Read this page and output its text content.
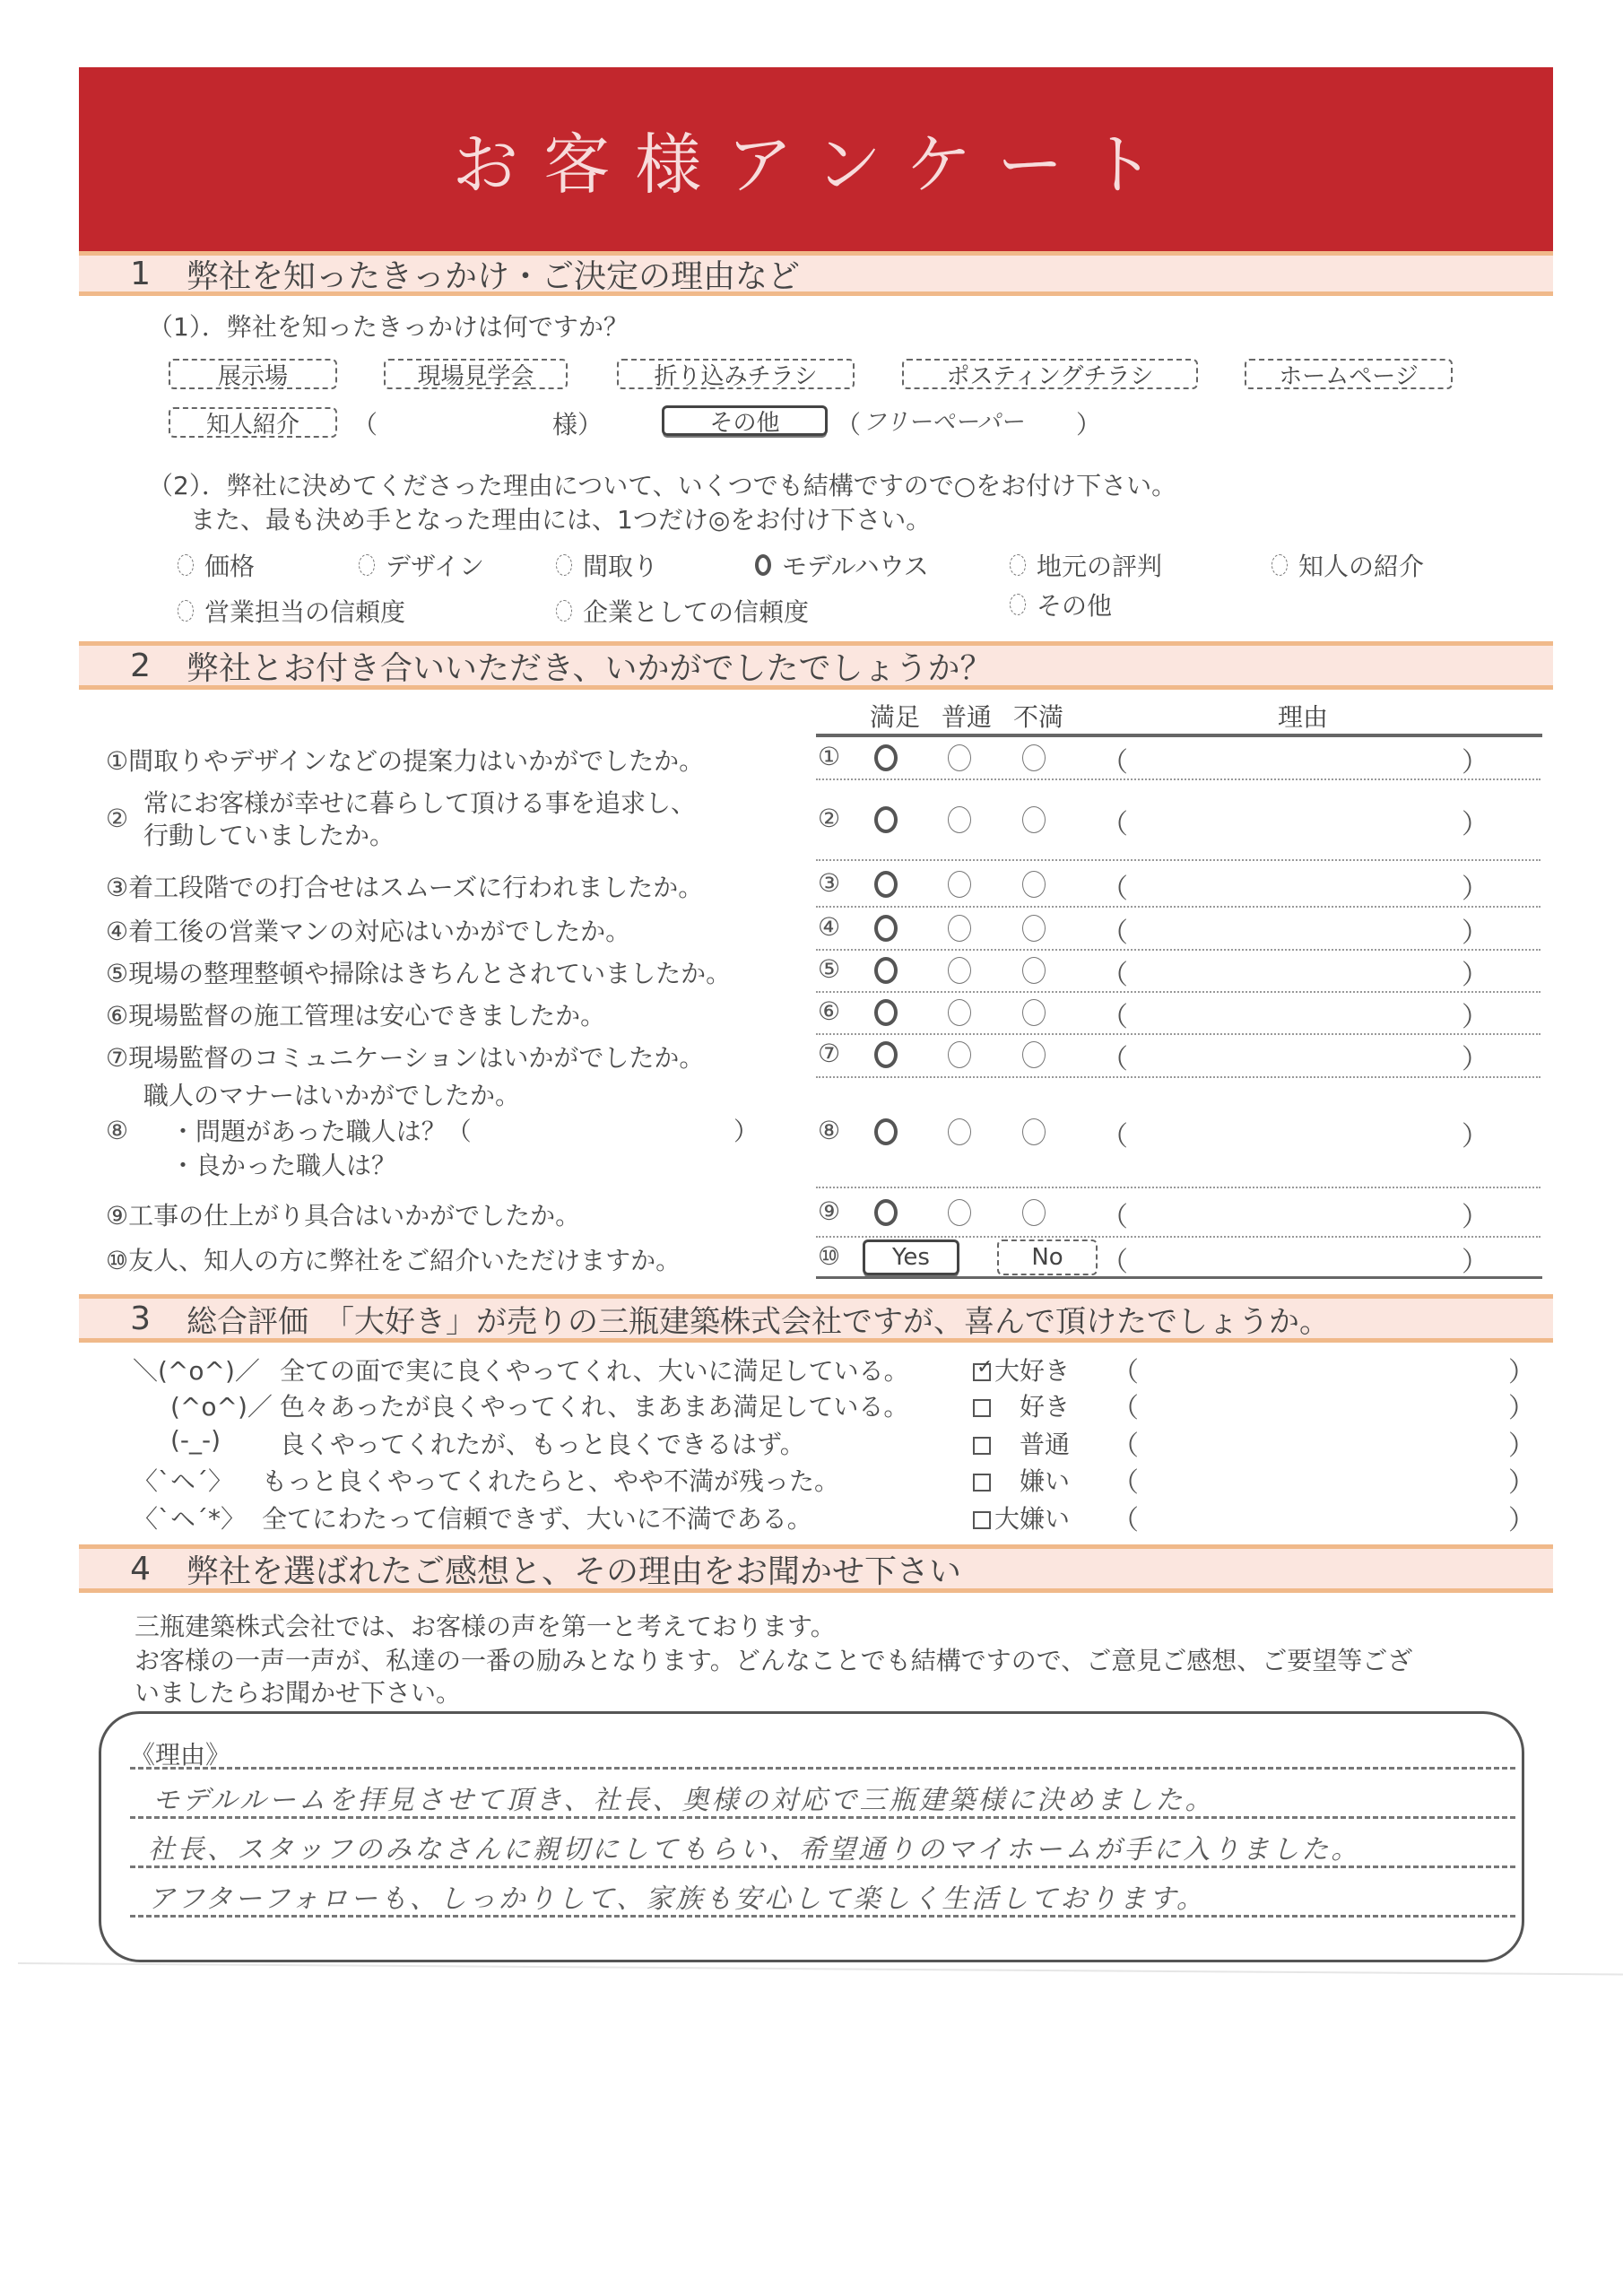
お客様アンケート
1 弊社を知ったきっかけ・ご決定の理由など
（1）．弊社を知ったきっかけは何ですか？
展示場	現場見学会	折り込みチラシ	ポスティングチラシ	ホームページ
知人紹介 （	様）	その他 （ フリーペーパー ）
（2）．弊社に決めてくださった理由について、いくつでも結構ですので○をお付け下さい。
また、最も決め手となった理由には、1つだけ◎をお付け下さい。
価格	デザイン	間取り	モデルハウス	地元の評判	知人の紹介
営業担当の信頼度	企業としての信頼度	その他
2 弊社とお付き合いいただき、いかがでしたでしょうか？
満足 普通 不満	理由
①間取りやデザインなどの提案力はいかがでしたか。	①	（	）
②
常にお客様が幸せに暮らして頂ける事を追求し、
行動していましたか。
②	（	）
③着工段階での打合せはスムーズに行われましたか。	③	（	）
④着工後の営業マンの対応はいかがでしたか。	④	（	）
⑤現場の整理整頓や掃除はきちんとされていましたか。	⑤	（	）
⑥現場監督の施工管理は安心できましたか。	⑥	（	）
⑦現場監督のコミュニケーションはいかがでしたか。	⑦	（	）
⑧
職人のマナーはいかがでしたか。
・問題があった職人は？（	）
・良かった職人は？
⑧	（	）
⑨工事の仕上がり具合はいかがでしたか。	⑨	（	）
⑩友人、知人の方に弊社をご紹介いただけますか。	⑩ Yes	No （	）
3 総合評価　「大好き」が売りの三瓶建築株式会社ですが、喜んで頂けたでしょうか。
＼(^o^)／ 全ての面で実に良くやってくれ、大いに満足している。	✓ 大好き （	）
(^o^)／ 色々あったが良くやってくれ、まあまあ満足している。	好き （	）
(-_-) 良くやってくれたが、もっと良くできるはず。	普通 （	）
〈`ヘ´〉 もっと良くやってくれたらと、やや不満が残った。	嫌い （	）
〈`ヘ´*〉 全てにわたって信頼できず、大いに不満である。	大嫌い （	）
4 弊社を選ばれたご感想と、その理由をお聞かせ下さい
三瓶建築株式会社では、お客様の声を第一と考えております。
お客様の一声一声が、私達の一番の励みとなります。どんなことでも結構ですので、ご意見ご感想、ご要望等ござ
いましたらお聞かせ下さい。
《理由》
モデルルームを拝見させて頂き、社長、奥様の対応で三瓶建築様に決めました。
社長、スタッフのみなさんに親切にしてもらい、希望通りのマイホームが手に入りました。
アフターフォローも、しっかりして、家族も安心して楽しく生活しております。
